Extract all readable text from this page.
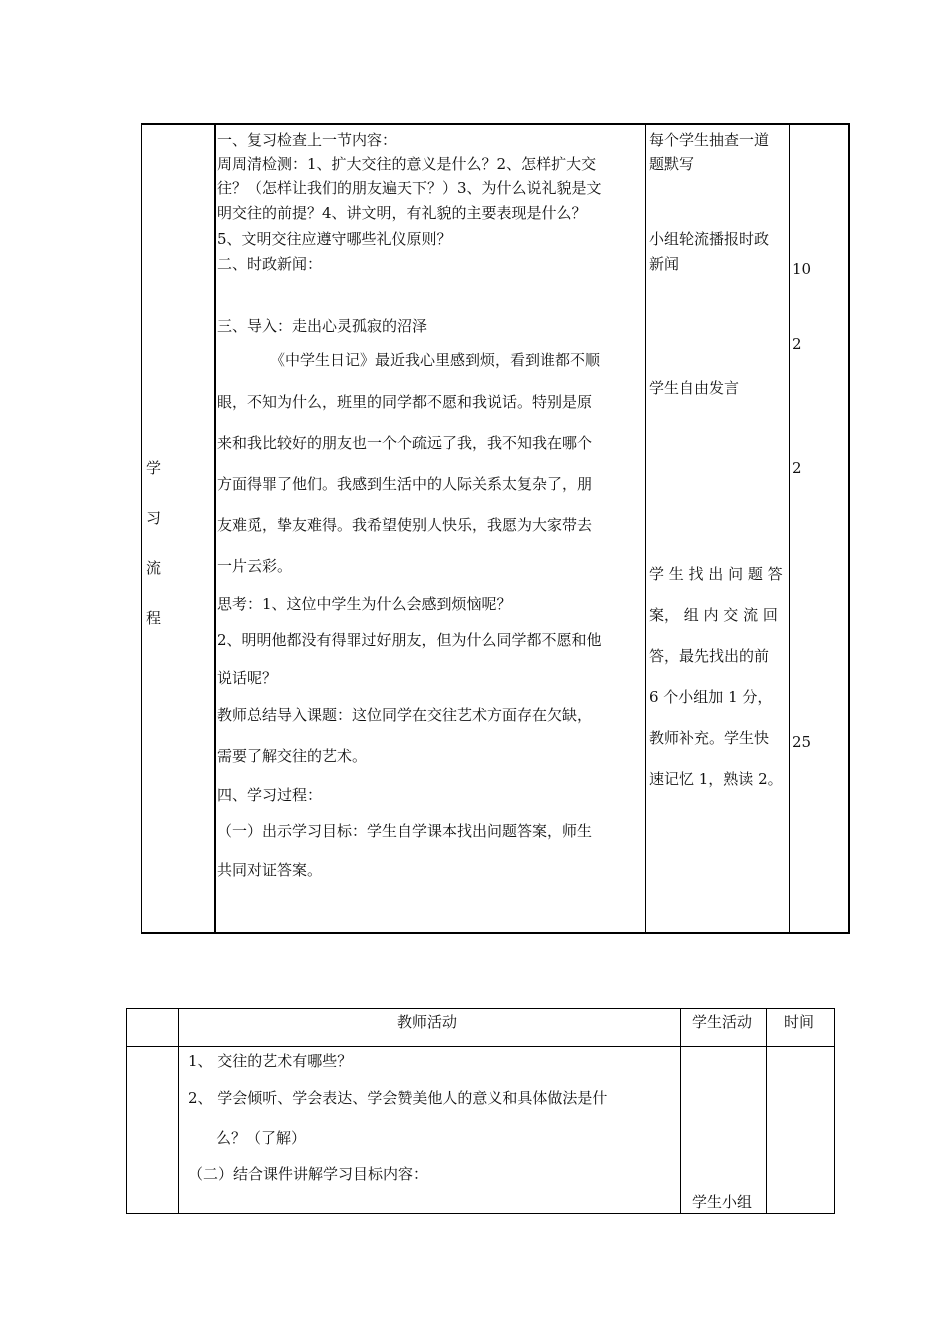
学
习
流
程
一、复习检查上一节内容：
周周清检测：1、扩大交往的意义是什么？2、怎样扩大交
往？（怎样让我们的朋友遍天下？）3、为什么说礼貌是文
明交往的前提？4、讲文明，有礼貌的主要表现是什么？
5、文明交往应遵守哪些礼仪原则？
二、时政新闻：
三、导入：走出心灵孤寂的沼泽
《中学生日记》最近我心里感到烦，看到谁都不顺
眼，不知为什么，班里的同学都不愿和我说话。特别是原
来和我比较好的朋友也一个个疏远了我，我不知我在哪个
方面得罪了他们。我感到生活中的人际关系太复杂了，朋
友难觅，挚友难得。我希望使别人快乐，我愿为大家带去
一片云彩。
思考：1、这位中学生为什么会感到烦恼呢？
2、明明他都没有得罪过好朋友，但为什么同学都不愿和他
说话呢？
教师总结导入课题：这位同学在交往艺术方面存在欠缺，
需要了解交往的艺术。
四、学习过程：
（一）出示学习目标：学生自学课本找出问题答案，师生
共同对证答案。
每个学生抽查一道
题默写
小组轮流播报时政
新闻
学生自由发言
学 生 找 出 问 题 答
案， 组 内 交 流 回
答，最先找出的前
6 个小组加 1 分，
教师补充。学生快
速记忆 1，熟读 2。
10
2
2
25
教师活动	学生活动 时间
1、 交往的艺术有哪些？
2、 学会倾听、学会表达、学会赞美他人的意义和具体做法是什
么？（了解）
（二）结合课件讲解学习目标内容：
学生小组
